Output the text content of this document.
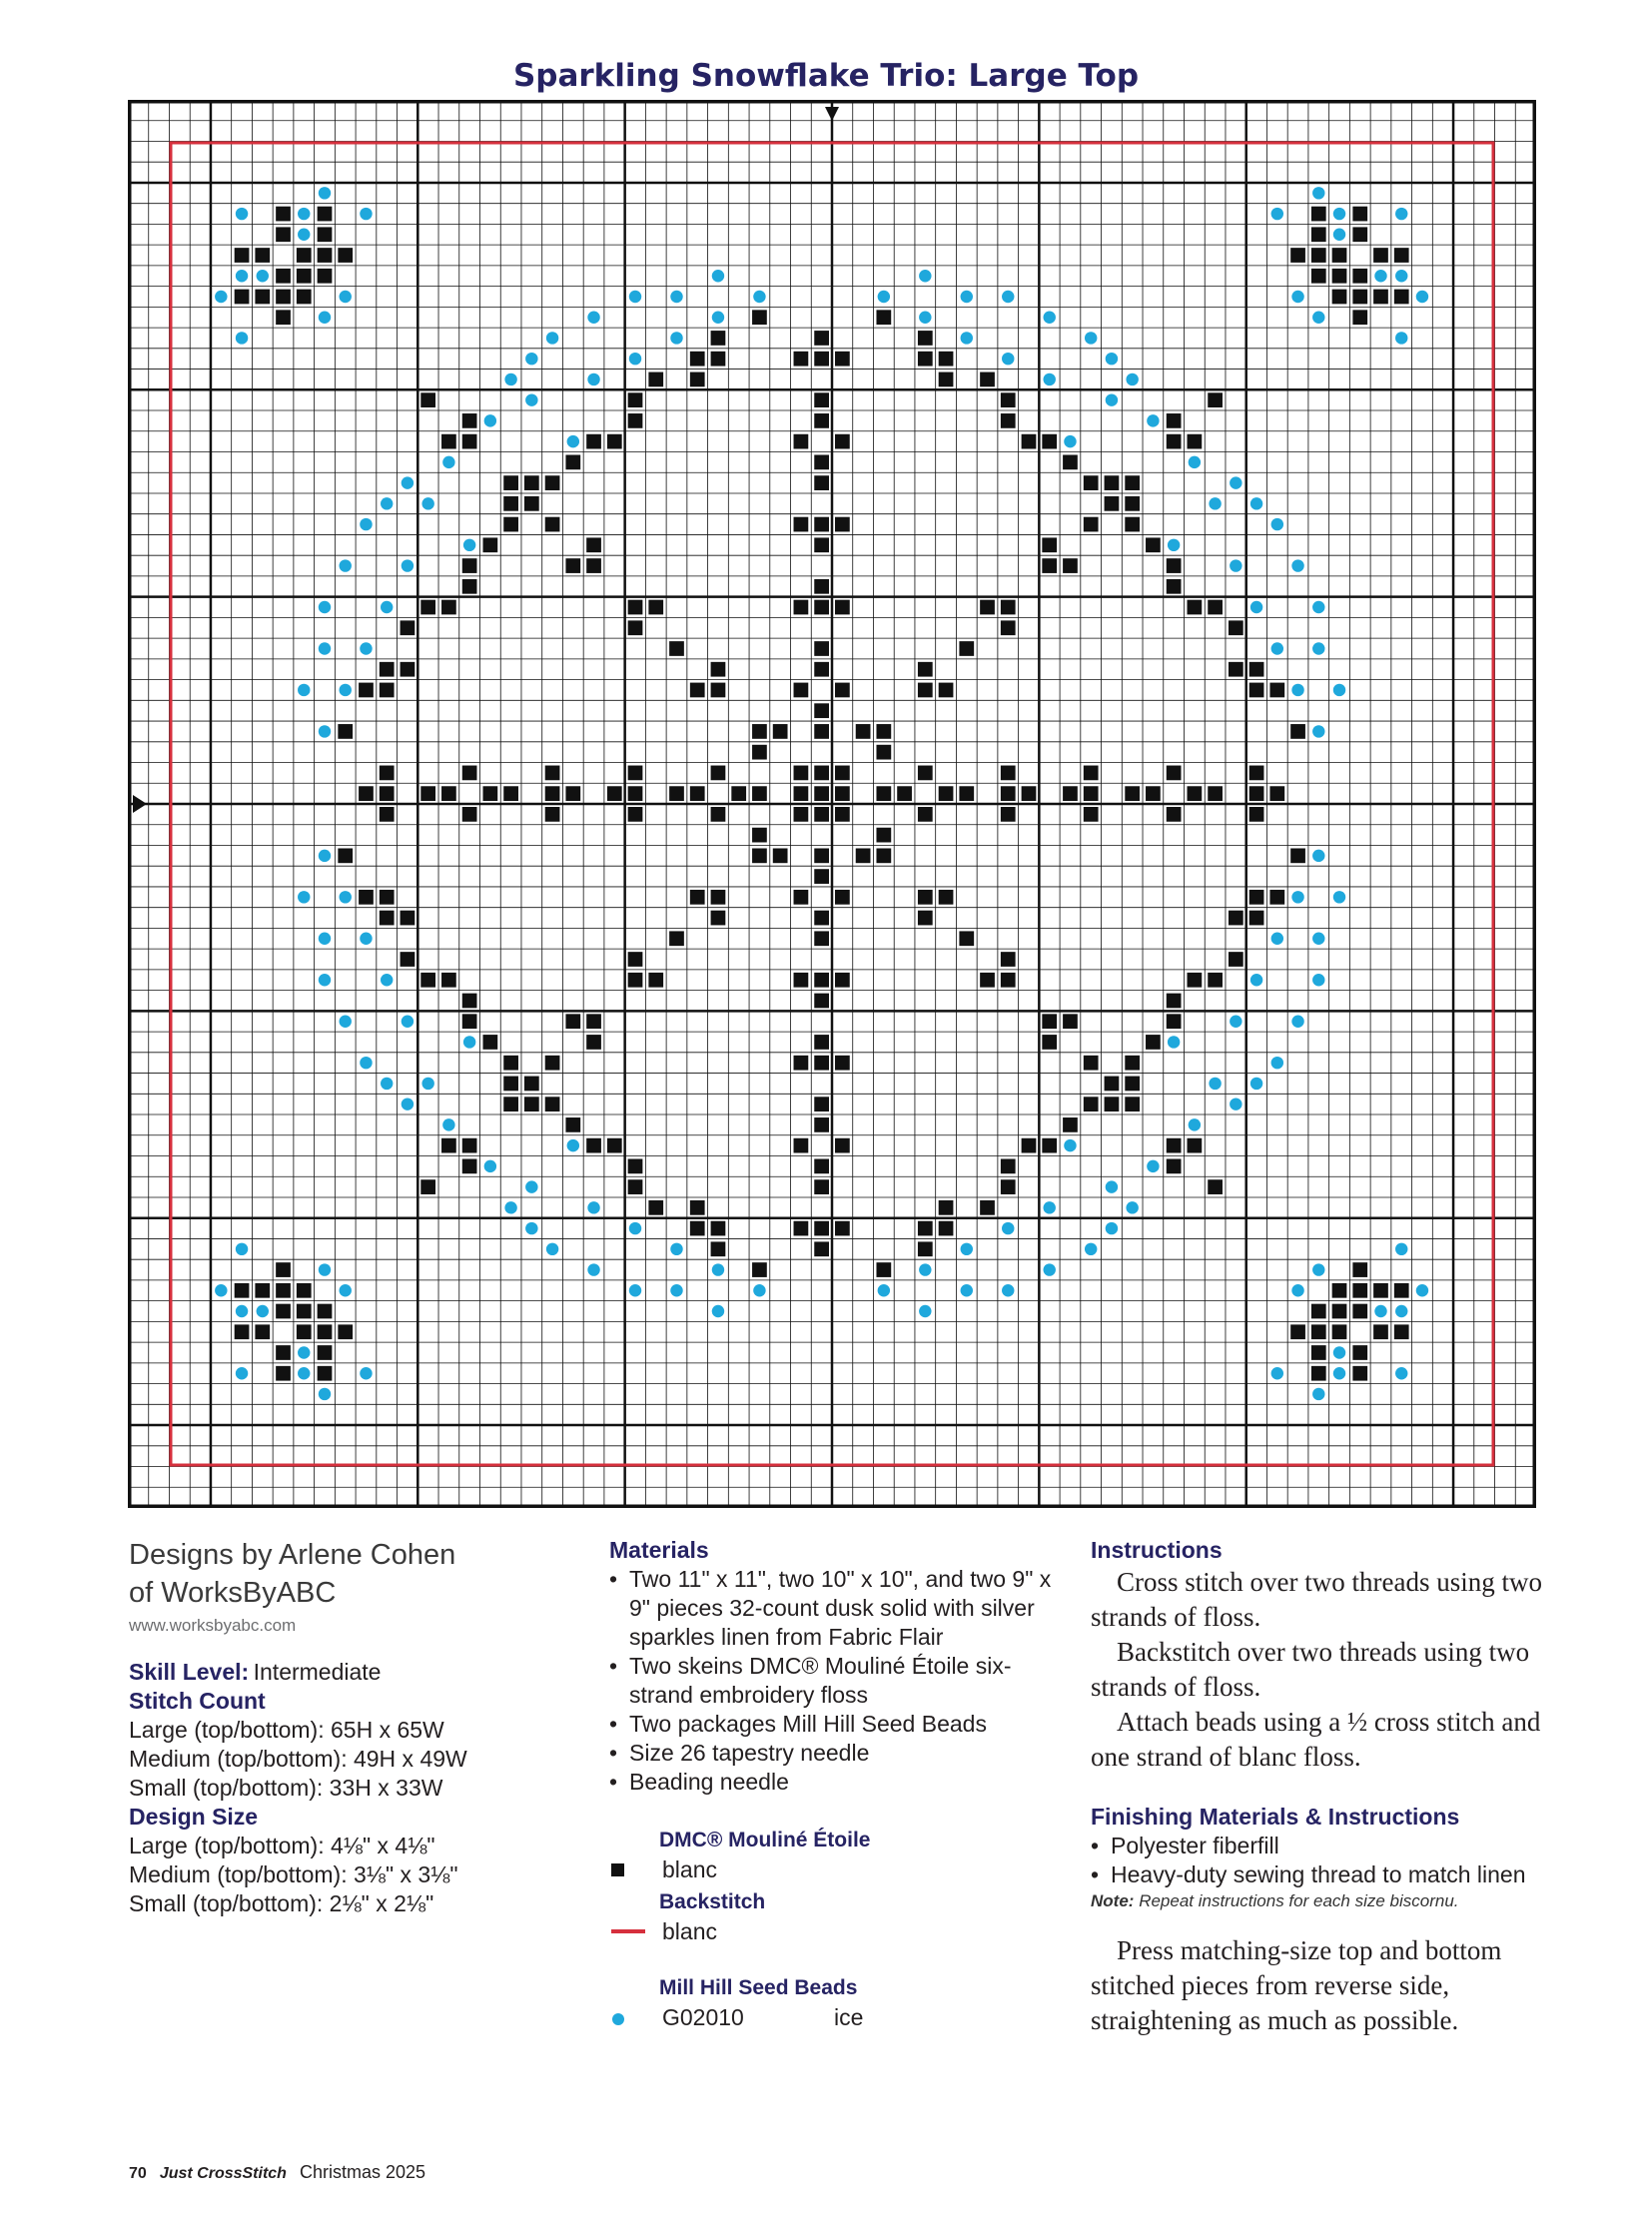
Sparkling Snowflake Trio: Large Top
Designs by Arlene Cohen
of WorksByABC
www.worksbyabc.com
Skill Level: Intermediate
Stitch Count
Large (top/bottom): 65H x 65W
Medium (top/bottom): 49H x 49W
Small (top/bottom): 33H x 33W
Design Size
Large (top/bottom): 4⅛" x 4⅛"
Medium (top/bottom): 3⅛" x 3⅛"
Small (top/bottom): 2⅛" x 2⅛"
Materials
• Two 11" x 11", two 10" x 10", and two 9" x 9" pieces 32-count dusk solid with silver sparkles linen from Fabric Flair
• Two skeins DMC® Mouliné Étoile six-strand embroidery floss
• Two packages Mill Hill Seed Beads
• Size 26 tapestry needle
• Beading needle
DMC® Mouliné Étoile
blanc
Backstitch
blanc
Mill Hill Seed Beads
G02010	ice
Instructions
Cross stitch over two threads using two strands of floss.
Backstitch over two threads using two strands of floss.
Attach beads using a ½ cross stitch and one strand of blanc floss.
Finishing Materials & Instructions
• Polyester fiberfill
• Heavy-duty sewing thread to match linen
Note: Repeat instructions for each size biscornu.
Press matching-size top and bottom stitched pieces from reverse side, straightening as much as possible.
70 Just CrossStitch Christmas 2025
